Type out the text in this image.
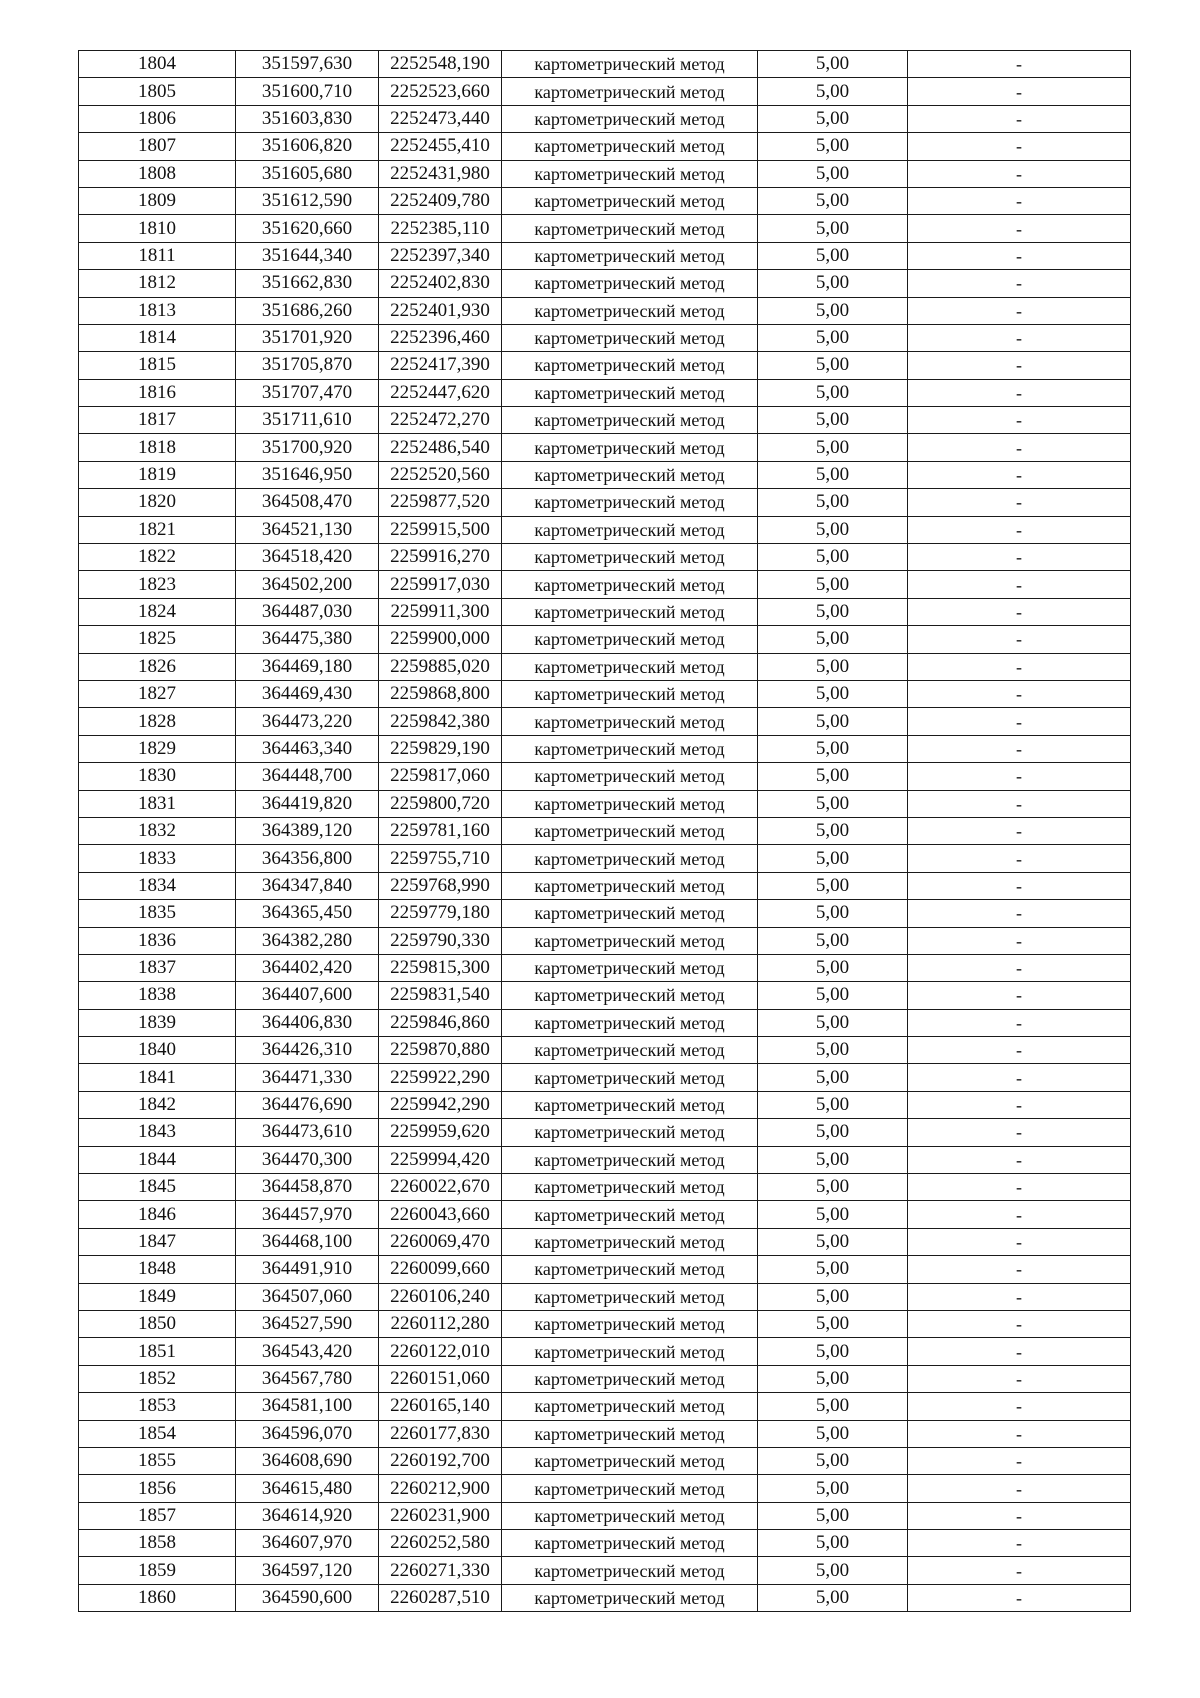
1804	351597,630	2252548,190	картометрический метод	5,00	-
1805	351600,710	2252523,660	картометрический метод	5,00	-
1806	351603,830	2252473,440	картометрический метод	5,00	-
1807	351606,820	2252455,410	картометрический метод	5,00	-
1808	351605,680	2252431,980	картометрический метод	5,00	-
1809	351612,590	2252409,780	картометрический метод	5,00	-
1810	351620,660	2252385,110	картометрический метод	5,00	-
1811	351644,340	2252397,340	картометрический метод	5,00	-
1812	351662,830	2252402,830	картометрический метод	5,00	-
1813	351686,260	2252401,930	картометрический метод	5,00	-
1814	351701,920	2252396,460	картометрический метод	5,00	-
1815	351705,870	2252417,390	картометрический метод	5,00	-
1816	351707,470	2252447,620	картометрический метод	5,00	-
1817	351711,610	2252472,270	картометрический метод	5,00	-
1818	351700,920	2252486,540	картометрический метод	5,00	-
1819	351646,950	2252520,560	картометрический метод	5,00	-
1820	364508,470	2259877,520	картометрический метод	5,00	-
1821	364521,130	2259915,500	картометрический метод	5,00	-
1822	364518,420	2259916,270	картометрический метод	5,00	-
1823	364502,200	2259917,030	картометрический метод	5,00	-
1824	364487,030	2259911,300	картометрический метод	5,00	-
1825	364475,380	2259900,000	картометрический метод	5,00	-
1826	364469,180	2259885,020	картометрический метод	5,00	-
1827	364469,430	2259868,800	картометрический метод	5,00	-
1828	364473,220	2259842,380	картометрический метод	5,00	-
1829	364463,340	2259829,190	картометрический метод	5,00	-
1830	364448,700	2259817,060	картометрический метод	5,00	-
1831	364419,820	2259800,720	картометрический метод	5,00	-
1832	364389,120	2259781,160	картометрический метод	5,00	-
1833	364356,800	2259755,710	картометрический метод	5,00	-
1834	364347,840	2259768,990	картометрический метод	5,00	-
1835	364365,450	2259779,180	картометрический метод	5,00	-
1836	364382,280	2259790,330	картометрический метод	5,00	-
1837	364402,420	2259815,300	картометрический метод	5,00	-
1838	364407,600	2259831,540	картометрический метод	5,00	-
1839	364406,830	2259846,860	картометрический метод	5,00	-
1840	364426,310	2259870,880	картометрический метод	5,00	-
1841	364471,330	2259922,290	картометрический метод	5,00	-
1842	364476,690	2259942,290	картометрический метод	5,00	-
1843	364473,610	2259959,620	картометрический метод	5,00	-
1844	364470,300	2259994,420	картометрический метод	5,00	-
1845	364458,870	2260022,670	картометрический метод	5,00	-
1846	364457,970	2260043,660	картометрический метод	5,00	-
1847	364468,100	2260069,470	картометрический метод	5,00	-
1848	364491,910	2260099,660	картометрический метод	5,00	-
1849	364507,060	2260106,240	картометрический метод	5,00	-
1850	364527,590	2260112,280	картометрический метод	5,00	-
1851	364543,420	2260122,010	картометрический метод	5,00	-
1852	364567,780	2260151,060	картометрический метод	5,00	-
1853	364581,100	2260165,140	картометрический метод	5,00	-
1854	364596,070	2260177,830	картометрический метод	5,00	-
1855	364608,690	2260192,700	картометрический метод	5,00	-
1856	364615,480	2260212,900	картометрический метод	5,00	-
1857	364614,920	2260231,900	картометрический метод	5,00	-
1858	364607,970	2260252,580	картометрический метод	5,00	-
1859	364597,120	2260271,330	картометрический метод	5,00	-
1860	364590,600	2260287,510	картометрический метод	5,00	-
